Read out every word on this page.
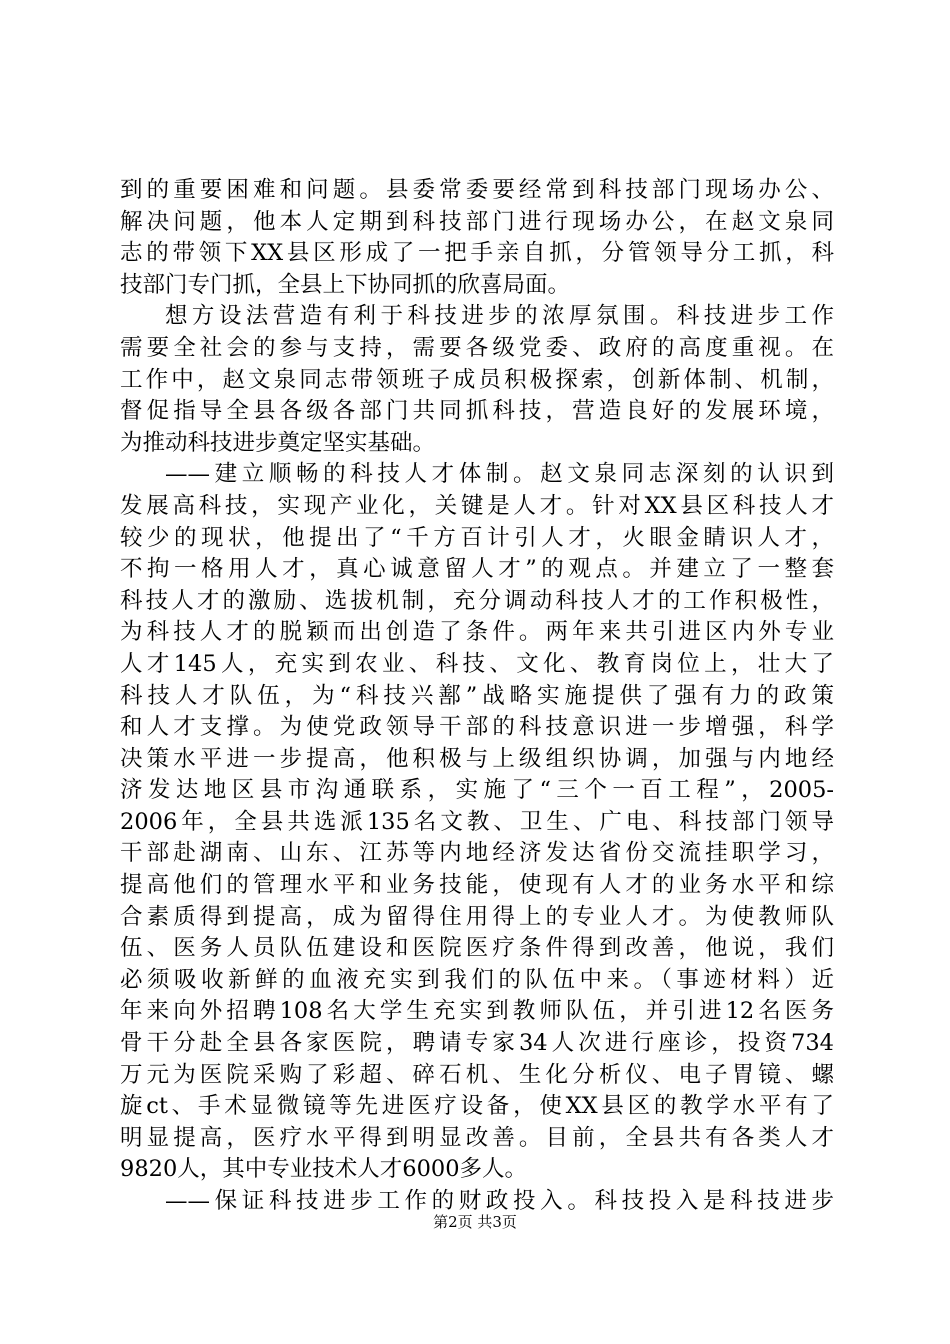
到的重要困难和问题。县委常委要经常到科技部门现场办公、
解决问题，他本人定期到科技部门进行现场办公，在赵文泉同
志的带领下XX县区形成了一把手亲自抓，分管领导分工抓，科
技部门专门抓，全县上下协同抓的欣喜局面。
想方设法营造有利于科技进步的浓厚氛围。科技进步工作
需要全社会的参与支持，需要各级党委、政府的高度重视。在
工作中，赵文泉同志带领班子成员积极探索，创新体制、机制，
督促指导全县各级各部门共同抓科技，营造良好的发展环境，
为推动科技进步奠定坚实基础。
——建立顺畅的科技人才体制。赵文泉同志深刻的认识到
发展高科技，实现产业化，关键是人才。针对XX县区科技人才
较少的现状，他提出了“千方百计引人才，火眼金睛识人才，
不拘一格用人才，真心诚意留人才”的观点。并建立了一整套
科技人才的激励、选拔机制，充分调动科技人才的工作积极性，
为科技人才的脱颖而出创造了条件。两年来共引进区内外专业
人才145人，充实到农业、科技、文化、教育岗位上，壮大了
科技人才队伍，为“科技兴鄯”战略实施提供了强有力的政策
和人才支撑。为使党政领导干部的科技意识进一步增强，科学
决策水平进一步提高，他积极与上级组织协调，加强与内地经
济发达地区县市沟通联系，实施了“三个一百工程”，2005-
2006年，全县共选派135名文教、卫生、广电、科技部门领导
干部赴湖南、山东、江苏等内地经济发达省份交流挂职学习，
提高他们的管理水平和业务技能，使现有人才的业务水平和综
合素质得到提高，成为留得住用得上的专业人才。为使教师队
伍、医务人员队伍建设和医院医疗条件得到改善，他说，我们
必须吸收新鲜的血液充实到我们的队伍中来。（事迹材料）近
年来向外招聘108名大学生充实到教师队伍，并引进12名医务
骨干分赴全县各家医院，聘请专家34人次进行座诊，投资734
万元为医院采购了彩超、碎石机、生化分析仪、电子胃镜、螺
旋ct、手术显微镜等先进医疗设备，使XX县区的教学水平有了
明显提高，医疗水平得到明显改善。目前，全县共有各类人才
9820人，其中专业技术人才6000多人。
——保证科技进步工作的财政投入。科技投入是科技进步
第2页 共3页
